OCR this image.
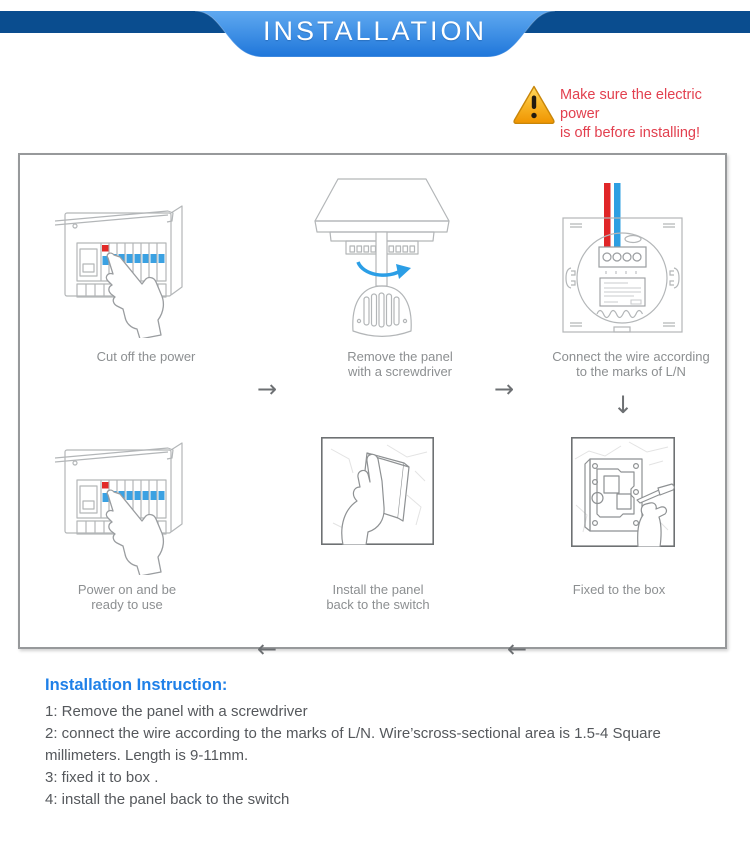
INSTALLATION
Make sure the electric power
is off before installing!
→	→
Cut off the power	Remove the panel
with a screwdriver
Connect the wire according
to the marks of L/N
↓
←
←
Fixed to the box
Install the panel
back to the switch
Power on and be
ready to use
Installation Instruction:
1: Remove the panel with a screwdriver
2: connect the wire according to the marks of L/N. Wire’scross-sectional area is 1.5-4 Square millimeters. Length is 9-11mm.
3: fixed it to box .
4: install the panel back to the switch
